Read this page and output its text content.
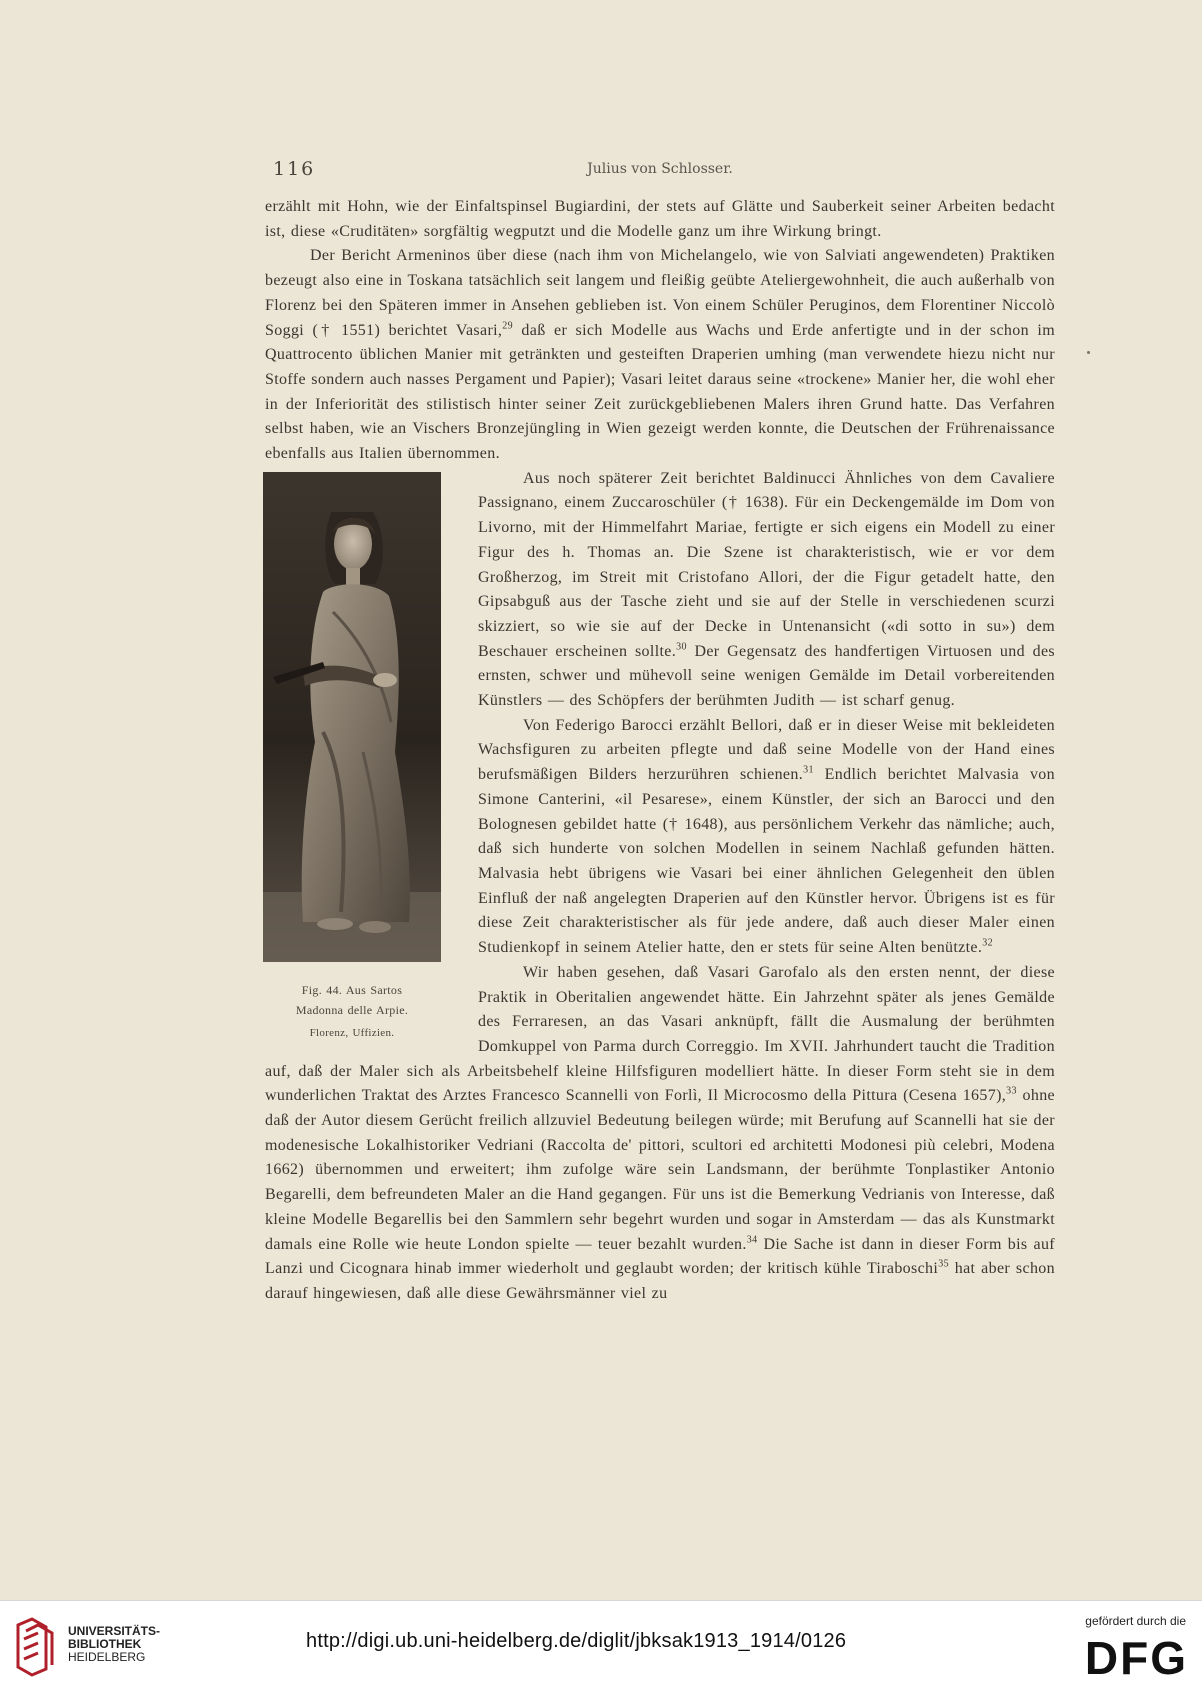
116	Julius von Schlosser.

erzählt mit Hohn, wie der Einfaltspinsel Bugiardini, der stets auf Glätte und Sauberkeit seiner Arbeiten bedacht ist, diese «Cruditäten» sorgfältig wegputzt und die Modelle ganz um ihre Wirkung bringt.

Der Bericht Armeninos über diese (nach ihm von Michelangelo, wie von Salviati angewendeten) Praktiken bezeugt also eine in Toskana tatsächlich seit langem und fleißig geübte Ateliergewohnheit, die auch außerhalb von Florenz bei den Späteren immer in Ansehen geblieben ist. Von einem Schüler Peruginos, dem Florentiner Niccolò Soggi († 1551) berichtet Vasari,$^{29}$ daß er sich Modelle aus Wachs und Erde anfertigte und in der schon im Quattrocento üblichen Manier mit getränkten und gesteiften Draperien umhing (man verwendete hiezu nicht nur Stoffe sondern auch nasses Pergament und Papier); Vasari leitet daraus seine «trockene» Manier her, die wohl eher in der Inferiorität des stilistisch hinter seiner Zeit zurückgebliebenen Malers ihren Grund hatte. Das Verfahren selbst haben, wie an Vischers Bronzejüngling in Wien gezeigt werden konnte, die Deutschen der Frührenaissance ebenfalls aus Italien übernommen.

Fig. 44. Aus Sartos
Madonna delle Arpie.
Florenz, Uffizien.

Aus noch späterer Zeit berichtet Baldinucci Ähnliches von dem Cavaliere Passignano, einem Zuccaroschüler († 1638). Für ein Deckengemälde im Dom von Livorno, mit der Himmelfahrt Mariae, fertigte er sich eigens ein Modell zu einer Figur des h. Thomas an. Die Szene ist charakteristisch, wie er vor dem Großherzog, im Streit mit Cristofano Allori, der die Figur getadelt hatte, den Gipsabguß aus der Tasche zieht und sie auf der Stelle in verschiedenen scurzi skizziert, so wie sie auf der Decke in Untenansicht («di sotto in su») dem Beschauer erscheinen sollte.$^{30}$ Der Gegensatz des handfertigen Virtuosen und des ernsten, schwer und mühevoll seine wenigen Gemälde im Detail vorbereitenden Künstlers — des Schöpfers der berühmten Judith — ist scharf genug.

Von Federigo Barocci erzählt Bellori, daß er in dieser Weise mit bekleideten Wachsfiguren zu arbeiten pflegte und daß seine Modelle von der Hand eines berufsmäßigen Bilders herzurühren schienen.$^{31}$ Endlich berichtet Malvasia von Simone Canterini, «il Pesarese», einem Künstler, der sich an Barocci und den Bolognesen gebildet hatte († 1648), aus persönlichem Verkehr das nämliche; auch, daß sich hunderte von solchen Modellen in seinem Nachlaß gefunden hätten. Malvasia hebt übrigens wie Vasari bei einer ähnlichen Gelegenheit den üblen Einfluß der naß angelegten Draperien auf den Künstler hervor. Übrigens ist es für diese Zeit charakteristischer als für jede andere, daß auch dieser Maler einen Studienkopf in seinem Atelier hatte, den er stets für seine Alten benützte.$^{32}$

Wir haben gesehen, daß Vasari Garofalo als den ersten nennt, der diese Praktik in Oberitalien angewendet hätte. Ein Jahrzehnt später als jenes Gemälde des Ferraresen, an das Vasari anknüpft, fällt die Ausmalung der berühmten Domkuppel von Parma durch Correggio. Im XVII. Jahrhundert taucht die Tradition auf, daß der Maler sich als Arbeitsbehelf kleine Hilfsfiguren modelliert hätte. In dieser Form steht sie in dem wunderlichen Traktat des Arztes Francesco Scannelli von Forlì, Il Microcosmo della Pittura (Cesena 1657),$^{33}$ ohne daß der Autor diesem Gerücht freilich allzuviel Bedeutung beilegen würde; mit Berufung auf Scannelli hat sie der modenesische Lokalhistoriker Vedriani (Raccolta de' pittori, scultori ed architetti Modonesi più celebri, Modena 1662) übernommen und erweitert; ihm zufolge wäre sein Landsmann, der berühmte Tonplastiker Antonio Begarelli, dem befreundeten Maler an die Hand gegangen. Für uns ist die Bemerkung Vedrianis von Interesse, daß kleine Modelle Begarellis bei den Sammlern sehr begehrt wurden und sogar in Amsterdam — das als Kunstmarkt damals eine Rolle wie heute London spielte — teuer bezahlt wurden.$^{34}$ Die Sache ist dann in dieser Form bis auf Lanzi und Cicognara hinab immer wiederholt und geglaubt worden; der kritisch kühle Tiraboschi$^{35}$ hat aber schon darauf hingewiesen, daß alle diese Gewährsmänner viel zu

UNIVERSITÄTS-
BIBLIOTHEK
HEIDELBERG
http://digi.ub.uni-heidelberg.de/diglit/jbksak1913_1914/0126
gefördert durch die
DFG
